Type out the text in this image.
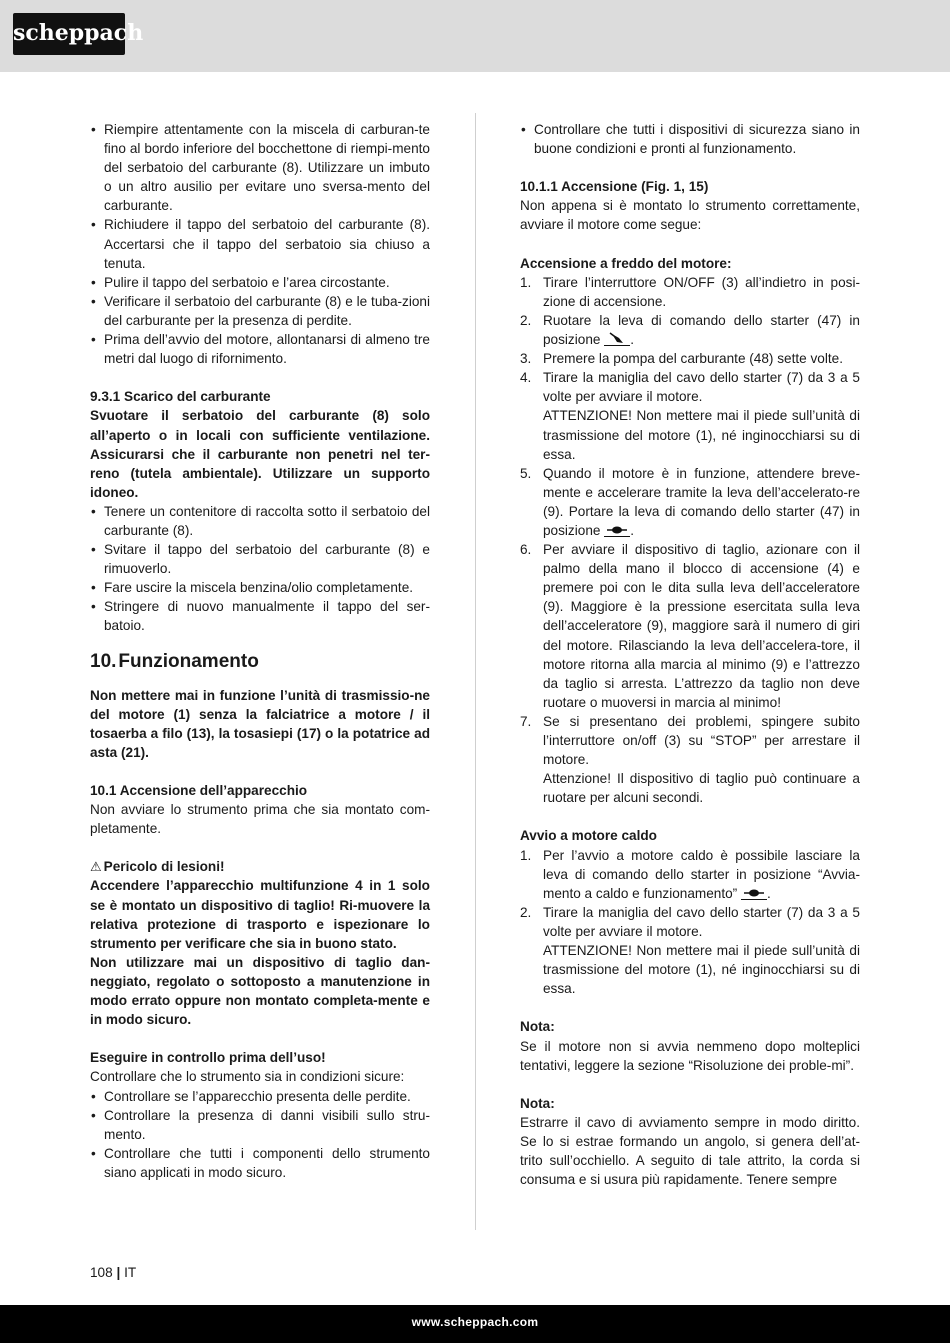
scheppach
• Riempire attentamente con la miscela di carburan-te fino al bordo inferiore del bocchettone di riempi-mento del serbatoio del carburante (8). Utilizzare un imbuto o un altro ausilio per evitare uno sversa-mento del carburante.
• Richiudere il tappo del serbatoio del carburante (8). Accertarsi che il tappo del serbatoio sia chiuso a tenuta.
• Pulire il tappo del serbatoio e l’area circostante.
• Verificare il serbatoio del carburante (8) e le tuba-zioni del carburante per la presenza di perdite.
• Prima dell’avvio del motore, allontanarsi di almeno tre metri dal luogo di rifornimento.

9.3.1 Scarico del carburante

Svuotare il serbatoio del carburante (8) solo all’aperto o in locali con sufficiente ventilazione. Assicurarsi che il carburante non penetri nel ter-reno (tutela ambientale). Utilizzare un supporto idoneo.

• Tenere un contenitore di raccolta sotto il serbatoio del carburante (8).
• Svitare il tappo del serbatoio del carburante (8) e rimuoverlo.
• Fare uscire la miscela benzina/olio completamente.
• Stringere di nuovo manualmente il tappo del ser-batoio.
10. Funzionamento

Non mettere mai in funzione l’unità di trasmissio-ne del motore (1) senza la falciatrice a motore / il tosaerba a filo (13), la tosasiepi (17) o la potatrice ad asta (21).

10.1 Accensione dell’apparecchio

Non avviare lo strumento prima che sia montato com-pletamente.

⚠ Pericolo di lesioni!

Accendere l’apparecchio multifunzione 4 in 1 solo se è montato un dispositivo di taglio! Ri-muovere la relativa protezione di trasporto e ispezionare lo strumento per verificare che sia in buono stato.

Non utilizzare mai un dispositivo di taglio dan-neggiato, regolato o sottoposto a manutenzione in modo errato oppure non montato completa-mente e in modo sicuro.

Eseguire in controllo prima dell’uso!

Controllare che lo strumento sia in condizioni sicure:

• Controllare se l’apparecchio presenta delle perdite.
• Controllare la presenza di danni visibili sullo stru-mento.
• Controllare che tutti i componenti dello strumento siano applicati in modo sicuro.
• Controllare che tutti i dispositivi di sicurezza siano in buone condizioni e pronti al funzionamento.

10.1.1 Accensione (Fig. 1, 15)

Non appena si è montato lo strumento correttamente, avviare il motore come segue:

Accensione a freddo del motore:

1. Tirare l’interruttore ON/OFF (3) all’indietro in posi-zione di accensione.
2. Ruotare la leva di comando dello starter (47) in posizione .
3. Premere la pompa del carburante (48) sette volte.
4. Tirare la maniglia del cavo dello starter (7) da 3 a 5 volte per avviare il motore.
ATTENZIONE! Non mettere mai il piede sull’unità di trasmissione del motore (1), né inginocchiarsi su di essa.
5. Quando il motore è in funzione, attendere breve-mente e accelerare tramite la leva dell’accelerato-re (9). Portare la leva di comando dello starter (47) in posizione .
6. Per avviare il dispositivo di taglio, azionare con il palmo della mano il blocco di accensione (4) e premere poi con le dita sulla leva dell’acceleratore (9). Maggiore è la pressione esercitata sulla leva dell’acceleratore (9), maggiore sarà il numero di giri del motore. Rilasciando la leva dell’accelera-tore, il motore ritorna alla marcia al minimo (9) e l’attrezzo da taglio si arresta. L’attrezzo da taglio non deve ruotare o muoversi in marcia al minimo!
7. Se si presentano dei problemi, spingere subito l’interruttore on/off (3) su “STOP” per arrestare il motore.
Attenzione! Il dispositivo di taglio può continuare a ruotare per alcuni secondi.

Avvio a motore caldo

1. Per l’avvio a motore caldo è possibile lasciare la leva di comando dello starter in posizione “Avvia-mento a caldo e funzionamento” .
2. Tirare la maniglia del cavo dello starter (7) da 3 a 5 volte per avviare il motore.
ATTENZIONE! Non mettere mai il piede sull’unità di trasmissione del motore (1), né inginocchiarsi su di essa.

Nota:

Se il motore non si avvia nemmeno dopo molteplici tentativi, leggere la sezione “Risoluzione dei proble-mi”.

Nota:

Estrarre il cavo di avviamento sempre in modo diritto. Se lo si estrae formando un angolo, si genera dell’at-trito sull’occhiello. A seguito di tale attrito, la corda si consuma e si usura più rapidamente. Tenere sempre

108 | IT
www.scheppach.com
